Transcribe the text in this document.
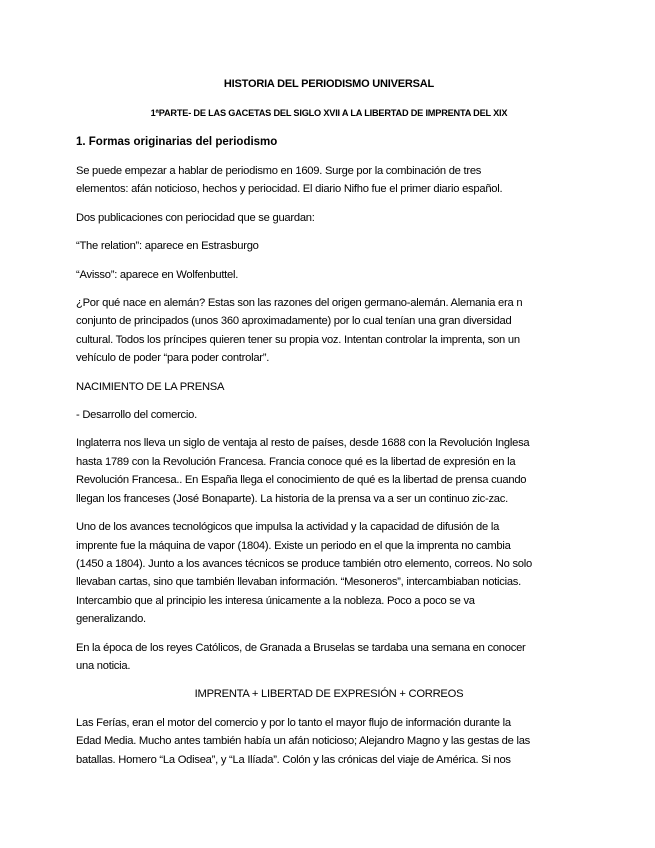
HISTORIA DEL PERIODISMO UNIVERSAL
1ªPARTE- DE LAS GACETAS DEL SIGLO XVII A LA LIBERTAD DE IMPRENTA DEL XIX
1. Formas originarias del periodismo
Se puede empezar a hablar de periodismo en 1609. Surge por la combinación de tres
elementos: afán noticioso, hechos y periocidad. El diario Nifho fue el primer diario español.
Dos publicaciones con periocidad que se guardan:
“The relation”: aparece en Estrasburgo
“Avisso”: aparece en Wolfenbuttel.
¿Por qué nace en alemán? Estas son las razones del origen germano-alemán. Alemania era n
conjunto de principados (unos 360 aproximadamente) por lo cual tenían una gran diversidad
cultural. Todos los príncipes quieren tener su propia voz. Intentan controlar la imprenta, son un
vehículo de poder “para poder controlar”.
NACIMIENTO DE LA PRENSA
- Desarrollo del comercio.
Inglaterra nos lleva un siglo de ventaja al resto de países, desde 1688 con la Revolución Inglesa
hasta 1789 con la Revolución Francesa. Francia conoce qué es la libertad de expresión en la
Revolución Francesa.. En España llega el conocimiento de qué es la libertad de prensa cuando
llegan los franceses (José Bonaparte). La historia de la prensa va a ser un continuo zic-zac.
Uno de los avances tecnológicos que impulsa la actividad y la capacidad de difusión de la
imprente fue la máquina de vapor (1804). Existe un periodo en el que la imprenta no cambia
(1450 a 1804). Junto a los avances técnicos se produce también otro elemento, correos. No solo
llevaban cartas, sino que también llevaban información. “Mesoneros”, intercambiaban noticias.
Intercambio que al principio les interesa únicamente a la nobleza. Poco a poco se va
generalizando.
En la época de los reyes Católicos, de Granada a Bruselas se tardaba una semana en conocer
una noticia.
IMPRENTA + LIBERTAD DE EXPRESIÓN + CORREOS
Las Ferías, eran el motor del comercio y por lo tanto el mayor flujo de información durante la
Edad Media. Mucho antes también había un afán noticioso; Alejandro Magno y las gestas de las
batallas. Homero “La Odisea”, y “La Ilíada”. Colón y las crónicas del viaje de América. Si nos
